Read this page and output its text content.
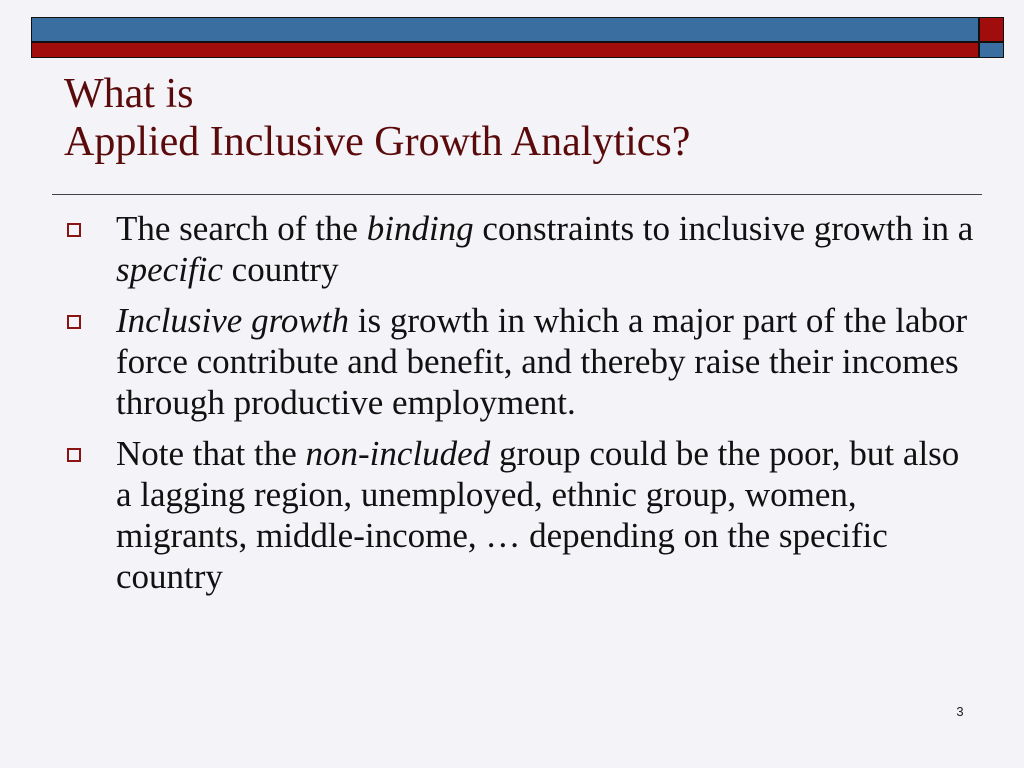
What is
Applied Inclusive Growth Analytics?
The search of the binding constraints to inclusive growth in a specific country
Inclusive growth is growth in which a major part of the labor force contribute and benefit, and thereby raise their incomes through productive employment.
Note that the non-included group could be the poor, but also a lagging region, unemployed, ethnic group, women, migrants, middle-income, … depending on the specific country
3
